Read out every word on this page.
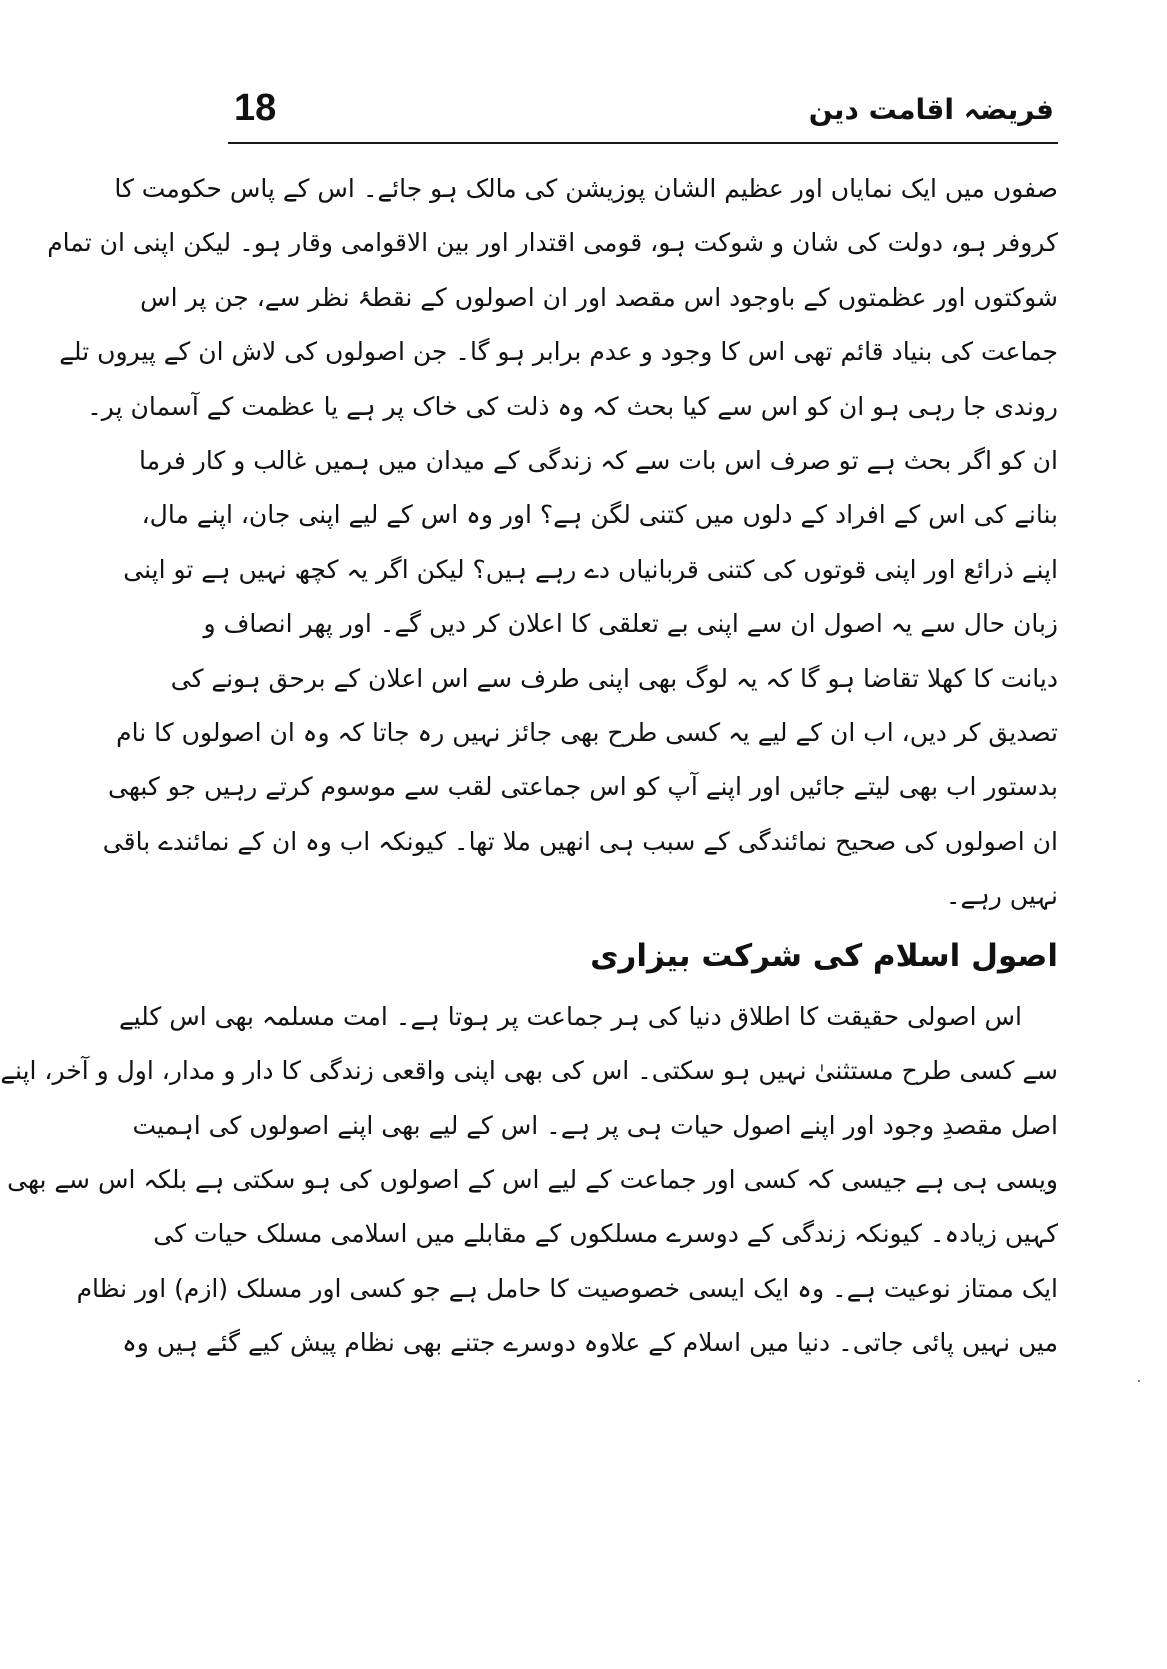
فریضہ اقامت دین
18
صفوں میں ایک نمایاں اور عظیم الشان پوزیشن کی مالک ہو جائے۔ اس کے پاس حکومت کا
کروفر ہو، دولت کی شان و شوکت ہو، قومی اقتدار اور بین الاقوامی وقار ہو۔ لیکن اپنی ان تمام
شوکتوں اور عظمتوں کے باوجود اس مقصد اور ان اصولوں کے نقطۂ نظر سے، جن پر اس
جماعت کی بنیاد قائم تھی اس کا وجود و عدم برابر ہو گا۔ جن اصولوں کی لاش ان کے پیروں تلے
روندی جا رہی ہو ان کو اس سے کیا بحث کہ وہ ذلت کی خاک پر ہے یا عظمت کے آسمان پر۔
ان کو اگر بحث ہے تو صرف اس بات سے کہ زندگی کے میدان میں ہمیں غالب و کار فرما
بنانے کی اس کے افراد کے دلوں میں کتنی لگن ہے؟ اور وہ اس کے لیے اپنی جان، اپنے مال،
اپنے ذرائع اور اپنی قوتوں کی کتنی قربانیاں دے رہے ہیں؟ لیکن اگر یہ کچھ نہیں ہے تو اپنی
زبان حال سے یہ اصول ان سے اپنی بے تعلقی کا اعلان کر دیں گے۔ اور پھر انصاف و
دیانت کا کھلا تقاضا ہو گا کہ یہ لوگ بھی اپنی طرف سے اس اعلان کے برحق ہونے کی
تصدیق کر دیں، اب ان کے لیے یہ کسی طرح بھی جائز نہیں رہ جاتا کہ وہ ان اصولوں کا نام
بدستور اب بھی لیتے جائیں اور اپنے آپ کو اس جماعتی لقب سے موسوم کرتے رہیں جو کبھی
ان اصولوں کی صحیح نمائندگی کے سبب ہی انھیں ملا تھا۔ کیونکہ اب وہ ان کے نمائندے باقی
نہیں رہے۔
اصول اسلام کی شرکت بیزاری
اس اصولی حقیقت کا اطلاق دنیا کی ہر جماعت پر ہوتا ہے۔ امت مسلمہ بھی اس کلیے
سے کسی طرح مستثنیٰ نہیں ہو سکتی۔ اس کی بھی اپنی واقعی زندگی کا دار و مدار، اول و آخر، اپنے
اصل مقصدِ وجود اور اپنے اصول حیات ہی پر ہے۔ اس کے لیے بھی اپنے اصولوں کی اہمیت
ویسی ہی ہے جیسی کہ کسی اور جماعت کے لیے اس کے اصولوں کی ہو سکتی ہے بلکہ اس سے بھی
کہیں زیادہ۔ کیونکہ زندگی کے دوسرے مسلکوں کے مقابلے میں اسلامی مسلک حیات کی
ایک ممتاز نوعیت ہے۔ وہ ایک ایسی خصوصیت کا حامل ہے جو کسی اور مسلک (ازم) اور نظام
میں نہیں پائی جاتی۔ دنیا میں اسلام کے علاوہ دوسرے جتنے بھی نظام پیش کیے گئے ہیں وہ
